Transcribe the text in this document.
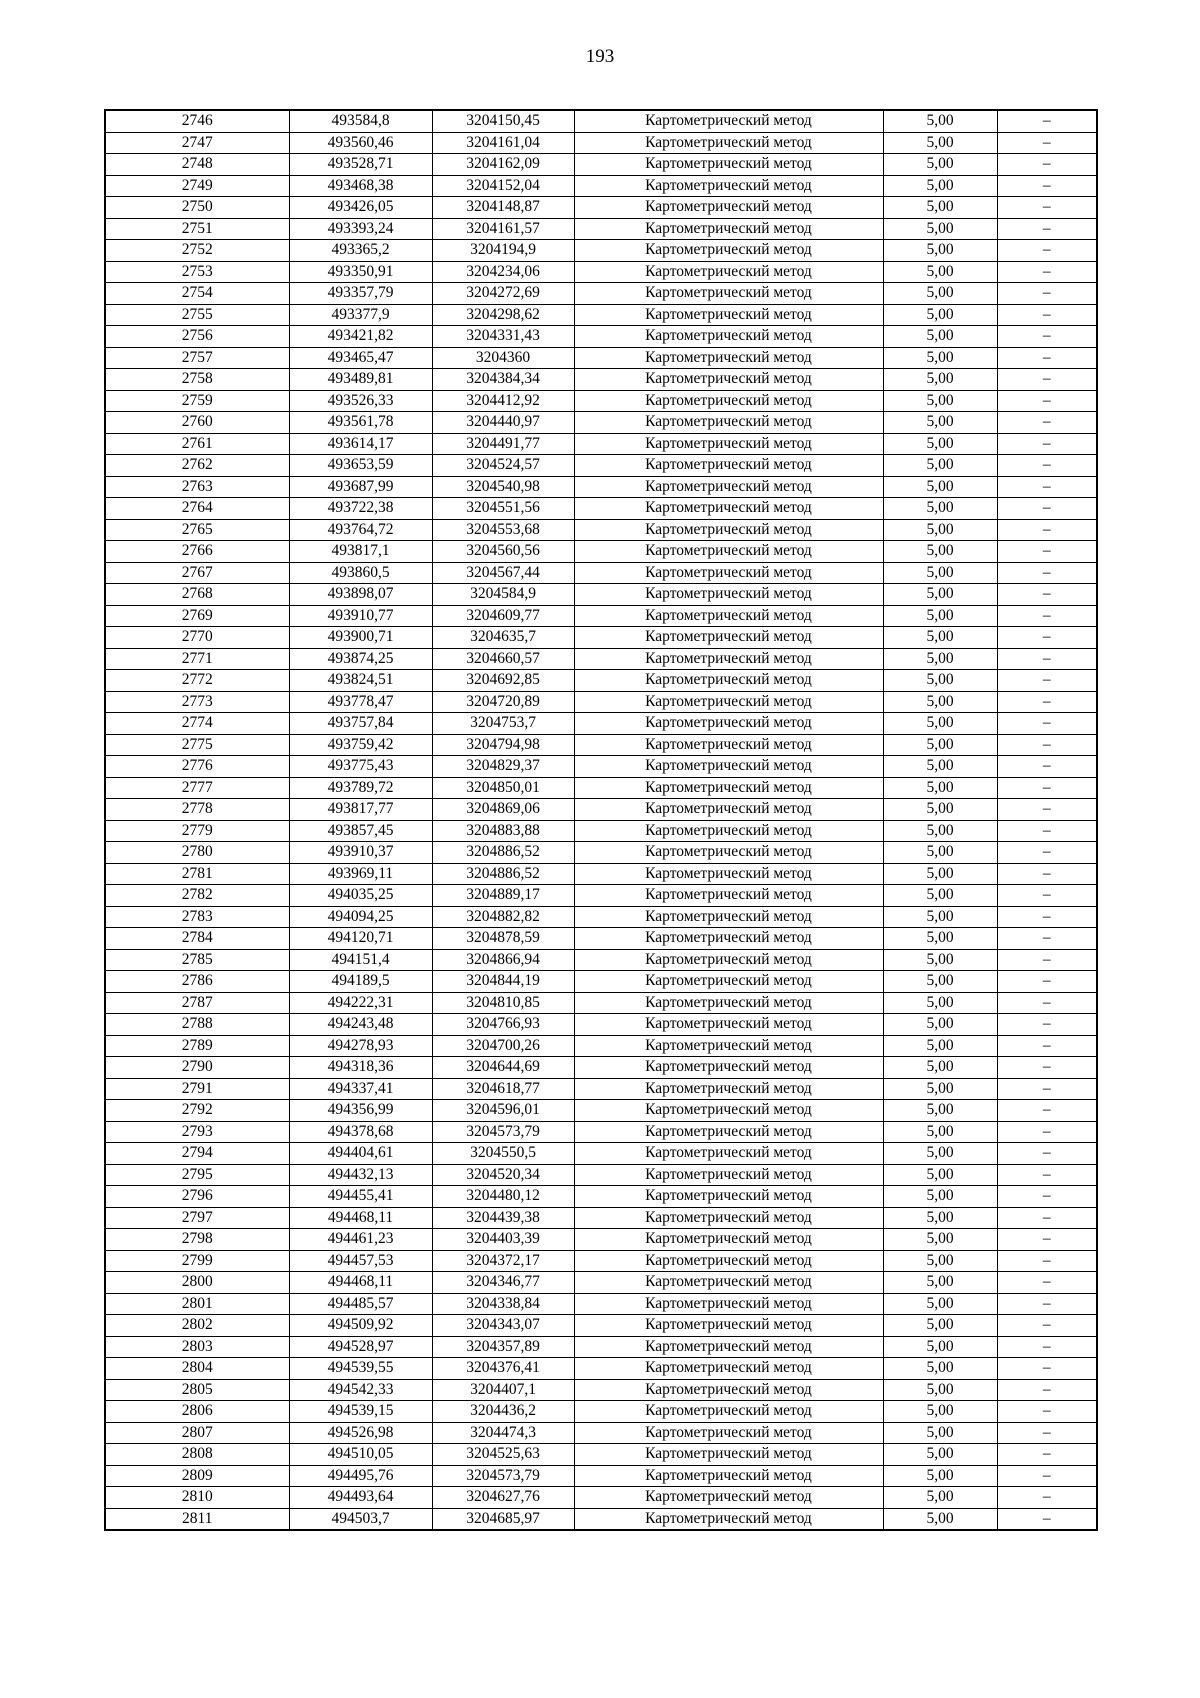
193
2746	493584,8	3204150,45	Картометрический метод	5,00	–
2747	493560,46	3204161,04	Картометрический метод	5,00	–
2748	493528,71	3204162,09	Картометрический метод	5,00	–
2749	493468,38	3204152,04	Картометрический метод	5,00	–
2750	493426,05	3204148,87	Картометрический метод	5,00	–
2751	493393,24	3204161,57	Картометрический метод	5,00	–
2752	493365,2	3204194,9	Картометрический метод	5,00	–
2753	493350,91	3204234,06	Картометрический метод	5,00	–
2754	493357,79	3204272,69	Картометрический метод	5,00	–
2755	493377,9	3204298,62	Картометрический метод	5,00	–
2756	493421,82	3204331,43	Картометрический метод	5,00	–
2757	493465,47	3204360	Картометрический метод	5,00	–
2758	493489,81	3204384,34	Картометрический метод	5,00	–
2759	493526,33	3204412,92	Картометрический метод	5,00	–
2760	493561,78	3204440,97	Картометрический метод	5,00	–
2761	493614,17	3204491,77	Картометрический метод	5,00	–
2762	493653,59	3204524,57	Картометрический метод	5,00	–
2763	493687,99	3204540,98	Картометрический метод	5,00	–
2764	493722,38	3204551,56	Картометрический метод	5,00	–
2765	493764,72	3204553,68	Картометрический метод	5,00	–
2766	493817,1	3204560,56	Картометрический метод	5,00	–
2767	493860,5	3204567,44	Картометрический метод	5,00	–
2768	493898,07	3204584,9	Картометрический метод	5,00	–
2769	493910,77	3204609,77	Картометрический метод	5,00	–
2770	493900,71	3204635,7	Картометрический метод	5,00	–
2771	493874,25	3204660,57	Картометрический метод	5,00	–
2772	493824,51	3204692,85	Картометрический метод	5,00	–
2773	493778,47	3204720,89	Картометрический метод	5,00	–
2774	493757,84	3204753,7	Картометрический метод	5,00	–
2775	493759,42	3204794,98	Картометрический метод	5,00	–
2776	493775,43	3204829,37	Картометрический метод	5,00	–
2777	493789,72	3204850,01	Картометрический метод	5,00	–
2778	493817,77	3204869,06	Картометрический метод	5,00	–
2779	493857,45	3204883,88	Картометрический метод	5,00	–
2780	493910,37	3204886,52	Картометрический метод	5,00	–
2781	493969,11	3204886,52	Картометрический метод	5,00	–
2782	494035,25	3204889,17	Картометрический метод	5,00	–
2783	494094,25	3204882,82	Картометрический метод	5,00	–
2784	494120,71	3204878,59	Картометрический метод	5,00	–
2785	494151,4	3204866,94	Картометрический метод	5,00	–
2786	494189,5	3204844,19	Картометрический метод	5,00	–
2787	494222,31	3204810,85	Картометрический метод	5,00	–
2788	494243,48	3204766,93	Картометрический метод	5,00	–
2789	494278,93	3204700,26	Картометрический метод	5,00	–
2790	494318,36	3204644,69	Картометрический метод	5,00	–
2791	494337,41	3204618,77	Картометрический метод	5,00	–
2792	494356,99	3204596,01	Картометрический метод	5,00	–
2793	494378,68	3204573,79	Картометрический метод	5,00	–
2794	494404,61	3204550,5	Картометрический метод	5,00	–
2795	494432,13	3204520,34	Картометрический метод	5,00	–
2796	494455,41	3204480,12	Картометрический метод	5,00	–
2797	494468,11	3204439,38	Картометрический метод	5,00	–
2798	494461,23	3204403,39	Картометрический метод	5,00	–
2799	494457,53	3204372,17	Картометрический метод	5,00	–
2800	494468,11	3204346,77	Картометрический метод	5,00	–
2801	494485,57	3204338,84	Картометрический метод	5,00	–
2802	494509,92	3204343,07	Картометрический метод	5,00	–
2803	494528,97	3204357,89	Картометрический метод	5,00	–
2804	494539,55	3204376,41	Картометрический метод	5,00	–
2805	494542,33	3204407,1	Картометрический метод	5,00	–
2806	494539,15	3204436,2	Картометрический метод	5,00	–
2807	494526,98	3204474,3	Картометрический метод	5,00	–
2808	494510,05	3204525,63	Картометрический метод	5,00	–
2809	494495,76	3204573,79	Картометрический метод	5,00	–
2810	494493,64	3204627,76	Картометрический метод	5,00	–
2811	494503,7	3204685,97	Картометрический метод	5,00	–
